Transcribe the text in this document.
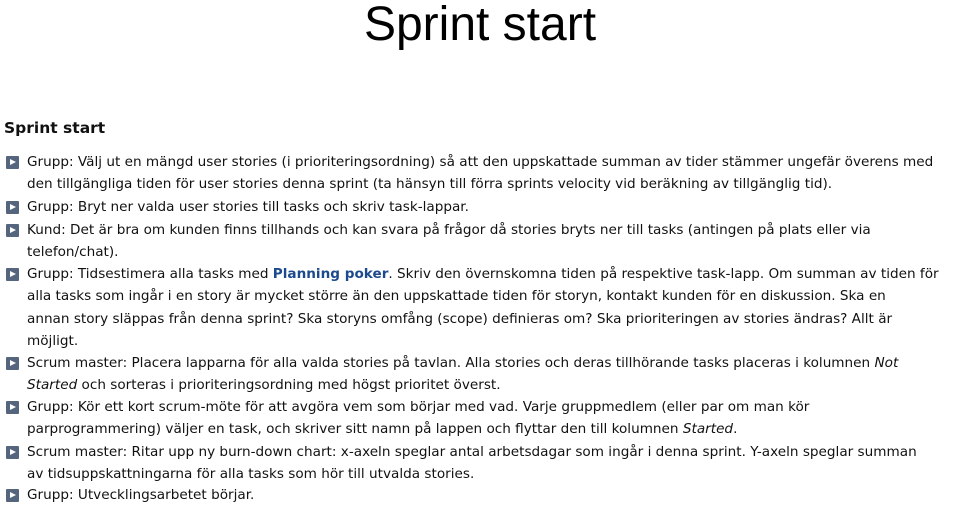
Sprint start
Sprint start
Grupp: Välj ut en mängd user stories (i prioriteringsordning) så att den uppskattade summan av tider stämmer ungefär överens med
den tillgängliga tiden för user stories denna sprint (ta hänsyn till förra sprints velocity vid beräkning av tillgänglig tid).
Grupp: Bryt ner valda user stories till tasks och skriv task-lappar.
Kund: Det är bra om kunden finns tillhands och kan svara på frågor då stories bryts ner till tasks (antingen på plats eller via
telefon/chat).
Grupp: Tidsestimera alla tasks med Planning poker. Skriv den övernskomna tiden på respektive task-lapp. Om summan av tiden för
alla tasks som ingår i en story är mycket större än den uppskattade tiden för storyn, kontakt kunden för en diskussion. Ska en
annan story släppas från denna sprint? Ska storyns omfång (scope) definieras om? Ska prioriteringen av stories ändras? Allt är
möjligt.
Scrum master: Placera lapparna för alla valda stories på tavlan. Alla stories och deras tillhörande tasks placeras i kolumnen Not
Started och sorteras i prioriteringsordning med högst prioritet överst.
Grupp: Kör ett kort scrum-möte för att avgöra vem som börjar med vad. Varje gruppmedlem (eller par om man kör
parprogrammering) väljer en task, och skriver sitt namn på lappen och flyttar den till kolumnen Started.
Scrum master: Ritar upp ny burn-down chart: x-axeln speglar antal arbetsdagar som ingår i denna sprint. Y-axeln speglar summan
av tidsuppskattningarna för alla tasks som hör till utvalda stories.
Grupp: Utvecklingsarbetet börjar.
